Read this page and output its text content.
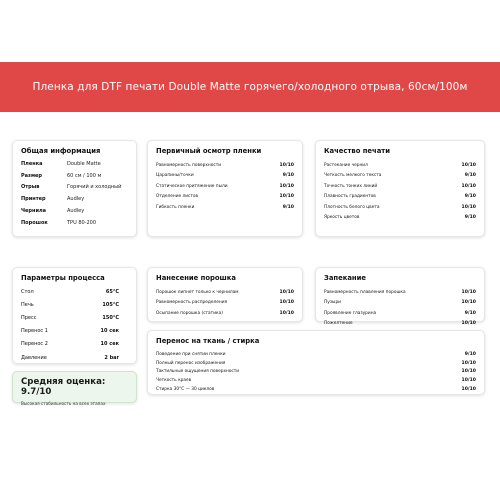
Пленка для DTF печати Double Matte горячего/холодного отрыва, 60см/100м
Общая информация
Пленка	Double Matte
Размер	60 см / 100 м
Отрыв	Горячий и холодный
Принтер	Audley
Чернила	Audley
Порошок	TPU 80-200
Первичный осмотр пленки
Равномерность поверхности	10/10
Царапины/точки	9/10
Статическое притяжение пыли	10/10
Отделение листов	10/10
Гибкость пленки	9/10
Качество печати
Растекание чернил	10/10
Четкость мелкого текста	9/10
Точность тонких линий	10/10
Плавность градиентов	9/10
Плотность белого цвета	10/10
Яркость цветов	9/10
Параметры процесса
Стол	65°C
Печь	105°C
Пресс	150°C
Перенос 1	10 сек
Перенос 2	10 сек
Давление	2 bar
Нанесение порошка
Порошок липнет только к чернилам	10/10
Равномерность распределения	10/10
Осыпание порошка (статика)	10/10
Запекание
Равномерность плавления порошка	10/10
Пузыри	10/10
Проявление глазурина	9/10
Пожелтение	10/10
Перенос на ткань / стирка
Поведение при снятии пленки	9/10
Полный перенос изображения	10/10
Тактильные ощущения поверхности	10/10
Четкость краев	10/10
Стирка 30°C — 30 циклов	10/10
Средняя оценка: 9.7/10
Высокая стабильность на всех этапах
